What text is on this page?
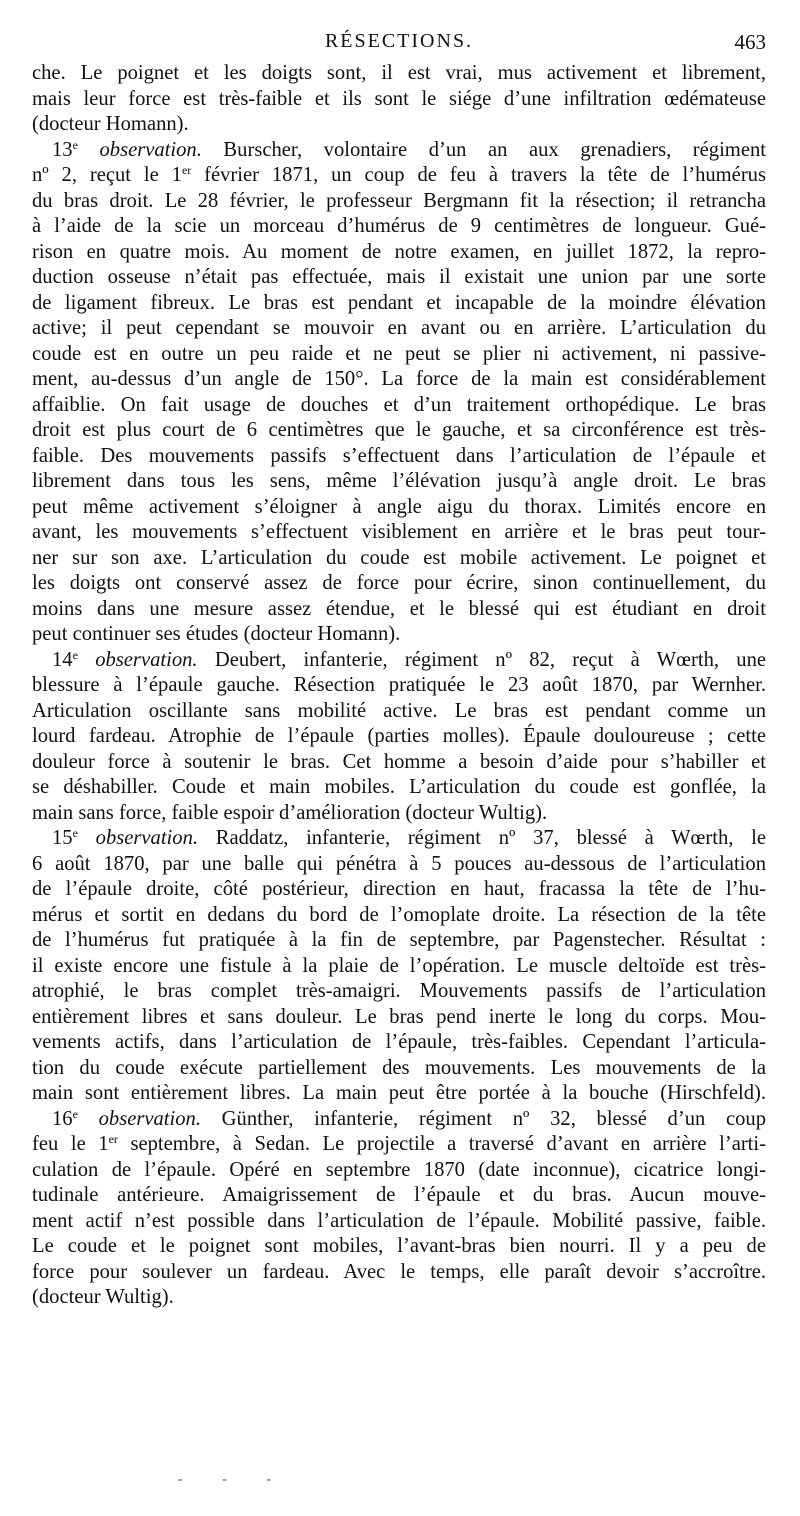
RÉSECTIONS.	463
che. Le poignet et les doigts sont, il est vrai, mus activement et librement,
mais leur force est très-faible et ils sont le siége d’une infiltration œdémateuse
(docteur Homann).
13e observation. Burscher, volontaire d’un an aux grenadiers, régiment
nº 2, reçut le 1er février 1871, un coup de feu à travers la tête de l’humérus
du bras droit. Le 28 février, le professeur Bergmann fit la résection; il retrancha
à l’aide de la scie un morceau d’humérus de 9 centimètres de longueur. Gué-
rison en quatre mois. Au moment de notre examen, en juillet 1872, la repro-
duction osseuse n’était pas effectuée, mais il existait une union par une sorte
de ligament fibreux. Le bras est pendant et incapable de la moindre élévation
active; il peut cependant se mouvoir en avant ou en arrière. L’articulation du
coude est en outre un peu raide et ne peut se plier ni activement, ni passive-
ment, au-dessus d’un angle de 150°. La force de la main est considérablement
affaiblie. On fait usage de douches et d’un traitement orthopédique. Le bras
droit est plus court de 6 centimètres que le gauche, et sa circonférence est très-
faible. Des mouvements passifs s’effectuent dans l’articulation de l’épaule et
librement dans tous les sens, même l’élévation jusqu’à angle droit. Le bras
peut même activement s’éloigner à angle aigu du thorax. Limités encore en
avant, les mouvements s’effectuent visiblement en arrière et le bras peut tour-
ner sur son axe. L’articulation du coude est mobile activement. Le poignet et
les doigts ont conservé assez de force pour écrire, sinon continuellement, du
moins dans une mesure assez étendue, et le blessé qui est étudiant en droit
peut continuer ses études (docteur Homann).
14e observation. Deubert, infanterie, régiment nº 82, reçut à Wœrth, une
blessure à l’épaule gauche. Résection pratiquée le 23 août 1870, par Wernher.
Articulation oscillante sans mobilité active. Le bras est pendant comme un
lourd fardeau. Atrophie de l’épaule (parties molles). Épaule douloureuse ; cette
douleur force à soutenir le bras. Cet homme a besoin d’aide pour s’habiller et
se déshabiller. Coude et main mobiles. L’articulation du coude est gonflée, la
main sans force, faible espoir d’amélioration (docteur Wultig).
15e observation. Raddatz, infanterie, régiment nº 37, blessé à Wœrth, le
6 août 1870, par une balle qui pénétra à 5 pouces au-dessous de l’articulation
de l’épaule droite, côté postérieur, direction en haut, fracassa la tête de l’hu-
mérus et sortit en dedans du bord de l’omoplate droite. La résection de la tête
de l’humérus fut pratiquée à la fin de septembre, par Pagenstecher. Résultat :
il existe encore une fistule à la plaie de l’opération. Le muscle deltoïde est très-
atrophié, le bras complet très-amaigri. Mouvements passifs de l’articulation
entièrement libres et sans douleur. Le bras pend inerte le long du corps. Mou-
vements actifs, dans l’articulation de l’épaule, très-faibles. Cependant l’articula-
tion du coude exécute partiellement des mouvements. Les mouvements de la
main sont entièrement libres. La main peut être portée à la bouche (Hirschfeld).
16e observation. Günther, infanterie, régiment nº 32, blessé d’un coup
feu le 1er septembre, à Sedan. Le projectile a traversé d’avant en arrière l’arti-
culation de l’épaule. Opéré en septembre 1870 (date inconnue), cicatrice longi-
tudinale antérieure. Amaigrissement de l’épaule et du bras. Aucun mouve-
ment actif n’est possible dans l’articulation de l’épaule. Mobilité passive, faible.
Le coude et le poignet sont mobiles, l’avant-bras bien nourri. Il y a peu de
force pour soulever un fardeau. Avec le temps, elle paraît devoir s’accroître.
(docteur Wultig).
- - -
